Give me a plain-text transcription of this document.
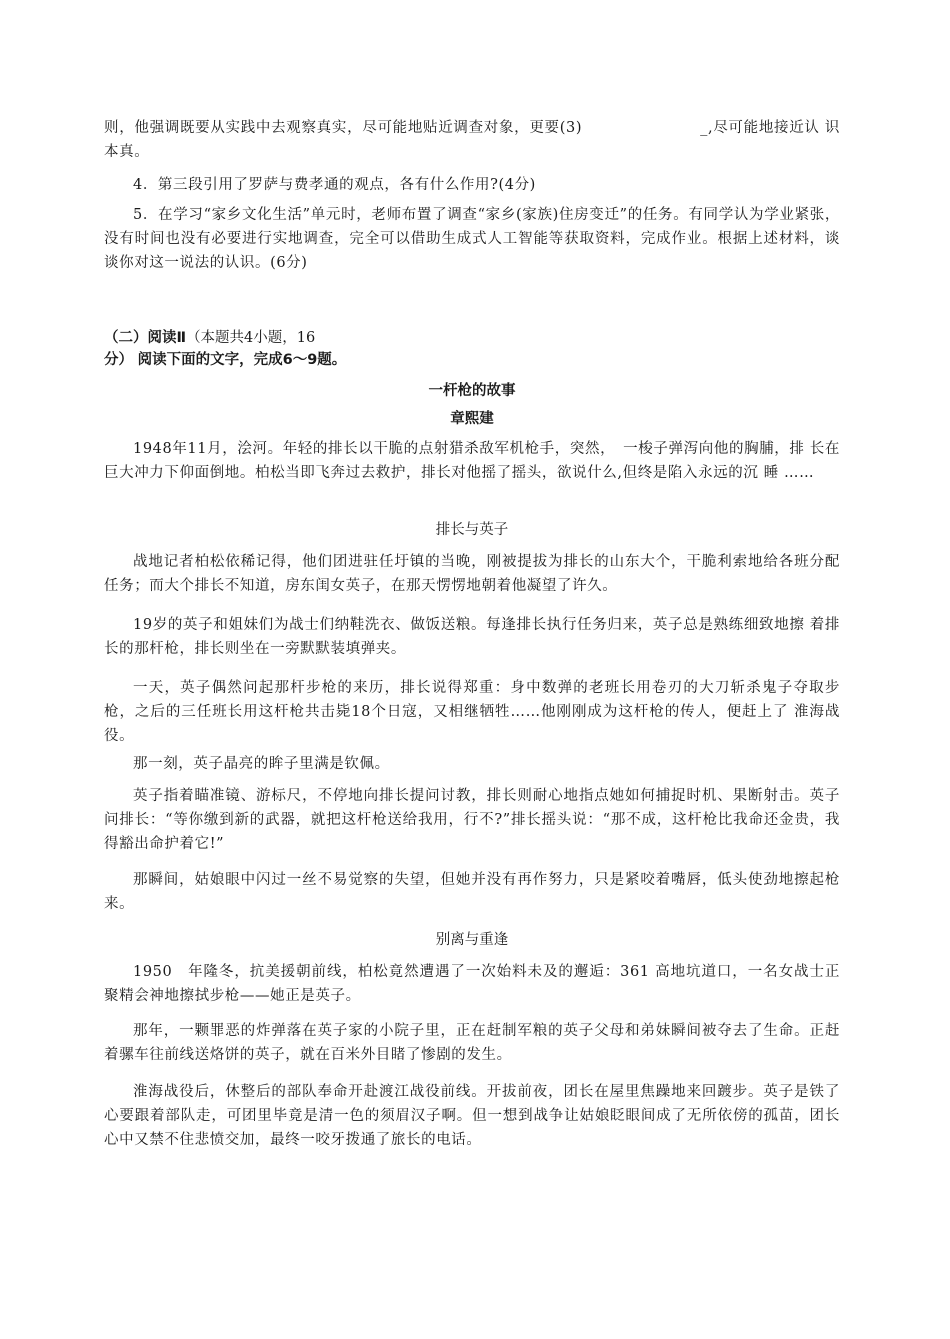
则，他强调既要从实践中去观察真实，尽可能地贴近调查对象，更要(3)	_,尽可能地接近认 识本真。

4．第三段引用了罗萨与费孝通的观点，各有什么作用?(4分)

5．在学习“家乡文化生活”单元时，老师布置了调查“家乡(家族)住房变迁”的任务。有同学认为学业紧张，没有时间也没有必要进行实地调查，完全可以借助生成式人工智能等获取资料，完成作业。根据上述材料，谈谈你对这一说法的认识。(6分)

（二）阅读Ⅱ（本题共4小题，16
分） 阅读下面的文字，完成6～9题。

一杆枪的故事

章熙建

1948年11月，浍河。年轻的排长以干脆的点射猎杀敌军机枪手，突然，　一梭子弹泻向他的胸脯，排 长在巨大冲力下仰面倒地。柏松当即飞奔过去救护，排长对他摇了摇头，欲说什么,但终是陷入永远的沉 睡 ……

排长与英子

战地记者柏松依稀记得，他们团进驻任圩镇的当晚，刚被提拔为排长的山东大个，干脆利索地给各班分配任务；而大个排长不知道，房东闺女英子，在那天愣愣地朝着他凝望了许久。

19岁的英子和姐妹们为战士们纳鞋洗衣、做饭送粮。每逢排长执行任务归来，英子总是熟练细致地擦 着排长的那杆枪，排长则坐在一旁默默装填弹夹。

一天，英子偶然问起那杆步枪的来历，排长说得郑重：身中数弹的老班长用卷刃的大刀斩杀鬼子夺取步枪，之后的三任班长用这杆枪共击毙18个日寇，又相继牺牲……他刚刚成为这杆枪的传人，便赶上了 淮海战役。

那一刻，英子晶亮的眸子里满是钦佩。

英子指着瞄准镜、游标尺，不停地向排长提问讨教，排长则耐心地指点她如何捕捉时机、果断射击。英子问排长：“等你缴到新的武器，就把这杆枪送给我用，行不?”排长摇头说：“那不成，这杆枪比我命还金贵，我得豁出命护着它!”

那瞬间，姑娘眼中闪过一丝不易觉察的失望，但她并没有再作努力，只是紧咬着嘴唇，低头使劲地擦起枪来。

别离与重逢

1950　年隆冬，抗美援朝前线，柏松竟然遭遇了一次始料未及的邂逅：361 高地坑道口，一名女战士正聚精会神地擦拭步枪——她正是英子。

那年，一颗罪恶的炸弹落在英子家的小院子里，正在赶制军粮的英子父母和弟妹瞬间被夺去了生命。正赶着骡车往前线送烙饼的英子，就在百米外目睹了惨剧的发生。

淮海战役后，休整后的部队奉命开赴渡江战役前线。开拔前夜，团长在屋里焦躁地来回踱步。英子是铁了心要跟着部队走，可团里毕竟是清一色的须眉汉子啊。但一想到战争让姑娘眨眼间成了无所依傍的孤苗，团长心中又禁不住悲愤交加，最终一咬牙拨通了旅长的电话。
